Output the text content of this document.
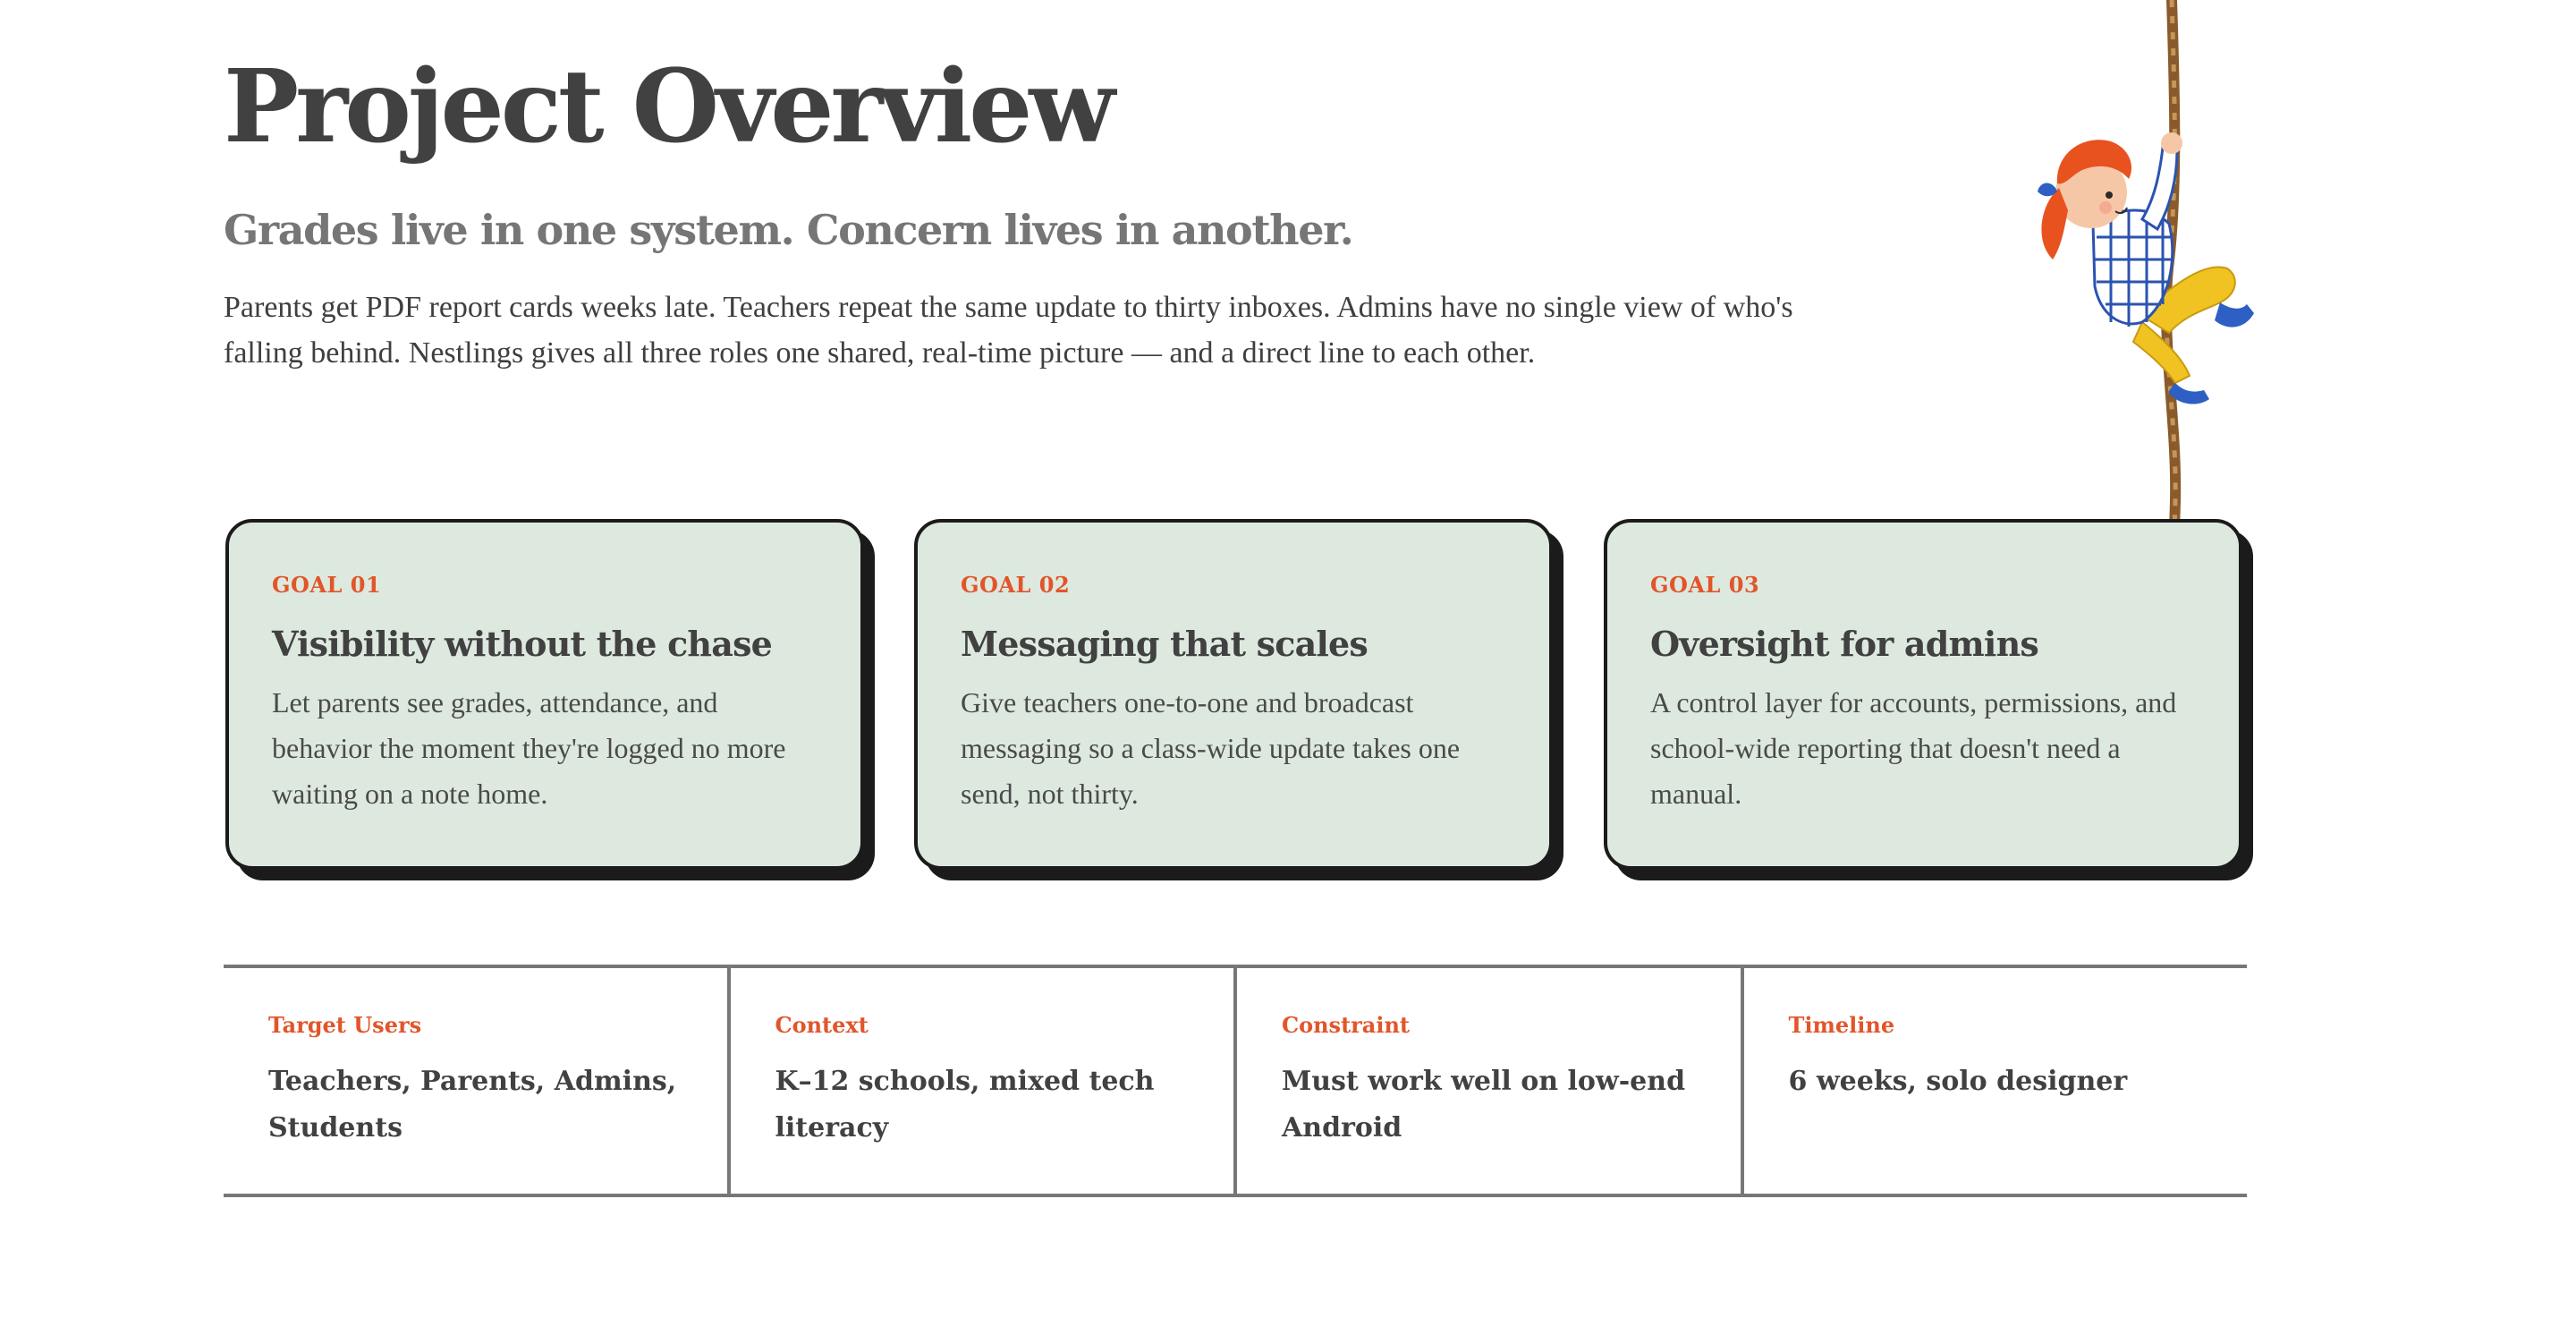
Project Overview
Grades live in one system. Concern lives in another.

Parents get PDF report cards weeks late. Teachers repeat the same update to thirty inboxes. Admins have no single view of who's falling behind. Nestlings gives all three roles one shared, real-time picture — and a direct line to each other.

GOAL 01
Visibility without the chase

Let parents see grades, attendance, and behavior the moment they're logged no more waiting on a note home.

GOAL 02
Messaging that scales

Give teachers one-to-one and broadcast messaging so a class-wide update takes one send, not thirty.

GOAL 03
Oversight for admins

A control layer for accounts, permissions, and school-wide reporting that doesn't need a manual.

Target Users

Teachers, Parents, Admins, Students

Context

K–12 schools, mixed tech literacy

Constraint

Must work well on low-end Android

Timeline

6 weeks, solo designer
